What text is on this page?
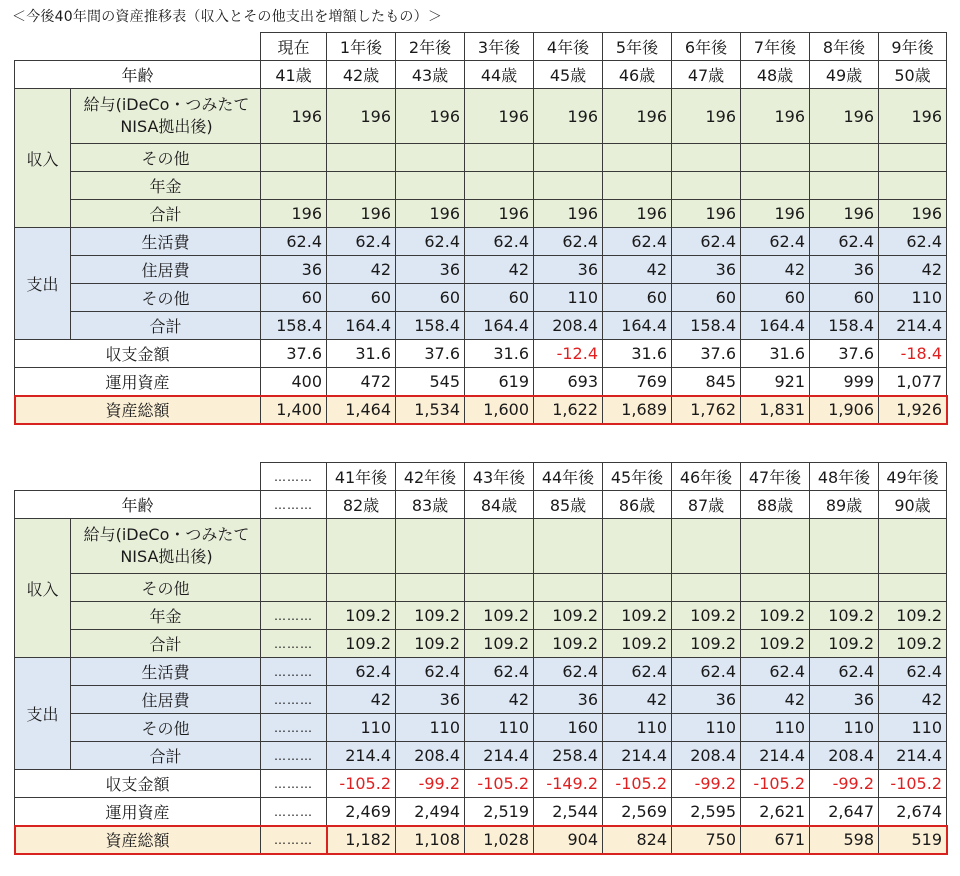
＜今後40年間の資産推移表（収入とその他支出を増額したもの）＞
		現在	1年後	2年後	3年後	4年後	5年後	6年後	7年後	8年後	9年後
年齢		41歳	42歳	43歳	44歳	45歳	46歳	47歳	48歳	49歳	50歳
収入	給与(iDeCo・つみたてNISA拠出後)	196	196	196	196	196	196	196	196	196	196
	その他										
	年金										
	合計	196	196	196	196	196	196	196	196	196	196
支出	生活費	62.4	62.4	62.4	62.4	62.4	62.4	62.4	62.4	62.4	62.4
	住居費	36	42	36	42	36	42	36	42	36	42
	その他	60	60	60	60	110	60	60	60	60	110
	合計	158.4	164.4	158.4	164.4	208.4	164.4	158.4	164.4	158.4	214.4
収支金額		37.6	31.6	37.6	31.6	-12.4	31.6	37.6	31.6	37.6	-18.4
運用資産		400	472	545	619	693	769	845	921	999	1,077
資産総額		1,400	1,464	1,534	1,600	1,622	1,689	1,762	1,831	1,906	1,926
		………	41年後	42年後	43年後	44年後	45年後	46年後	47年後	48年後	49年後
年齢		………	82歳	83歳	84歳	85歳	86歳	87歳	88歳	89歳	90歳
収入	給与(iDeCo・つみたてNISA拠出後)										
	その他										
	年金	………	109.2	109.2	109.2	109.2	109.2	109.2	109.2	109.2	109.2
	合計	………	109.2	109.2	109.2	109.2	109.2	109.2	109.2	109.2	109.2
支出	生活費	………	62.4	62.4	62.4	62.4	62.4	62.4	62.4	62.4	62.4
	住居費	………	42	36	42	36	42	36	42	36	42
	その他	………	110	110	110	160	110	110	110	110	110
	合計	………	214.4	208.4	214.4	258.4	214.4	208.4	214.4	208.4	214.4
収支金額		………	-105.2	-99.2	-105.2	-149.2	-105.2	-99.2	-105.2	-99.2	-105.2
運用資産		………	2,469	2,494	2,519	2,544	2,569	2,595	2,621	2,647	2,674
資産総額		………	1,182	1,108	1,028	904	824	750	671	598	519
